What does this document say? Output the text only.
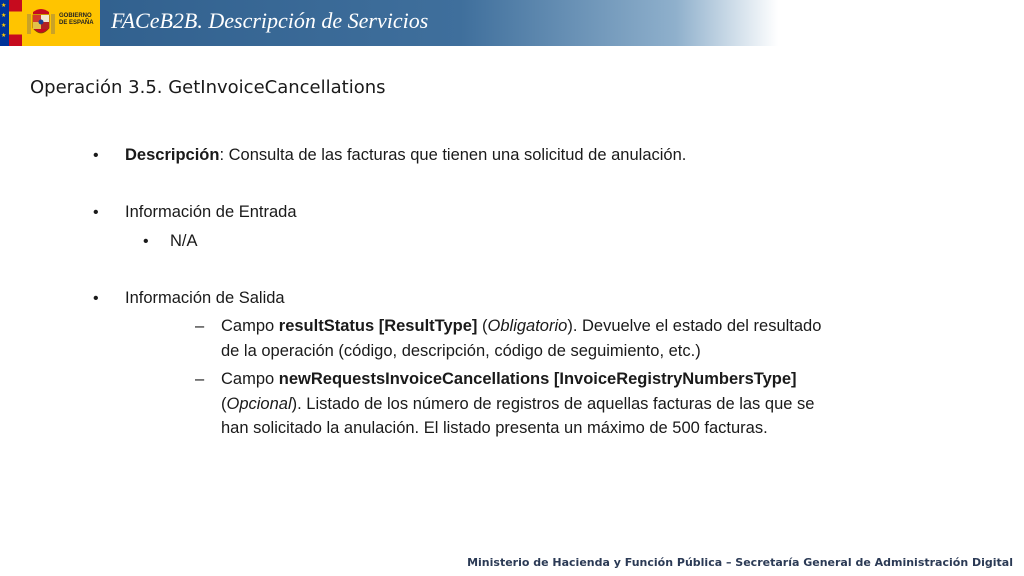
★
★
★
★
GOBIERNO
DE ESPAÑA FACeB2B. Descripción de Servicios
Operación 3.5. GetInvoiceCancellations
• Descripción: Consulta de las facturas que tienen una solicitud de anulación.
• Información de Entrada
• N/A
• Información de Salida
– Campo resultStatus [ResultType] (Obligatorio). Devuelve el estado del resultado
de la operación (código, descripción, código de seguimiento, etc.)
– Campo newRequestsInvoiceCancellations [InvoiceRegistryNumbersType]
(Opcional). Listado de los número de registros de aquellas facturas de las que se
han solicitado la anulación. El listado presenta un máximo de 500 facturas.
Ministerio de Hacienda y Función Pública – Secretaría General de Administración Digital
